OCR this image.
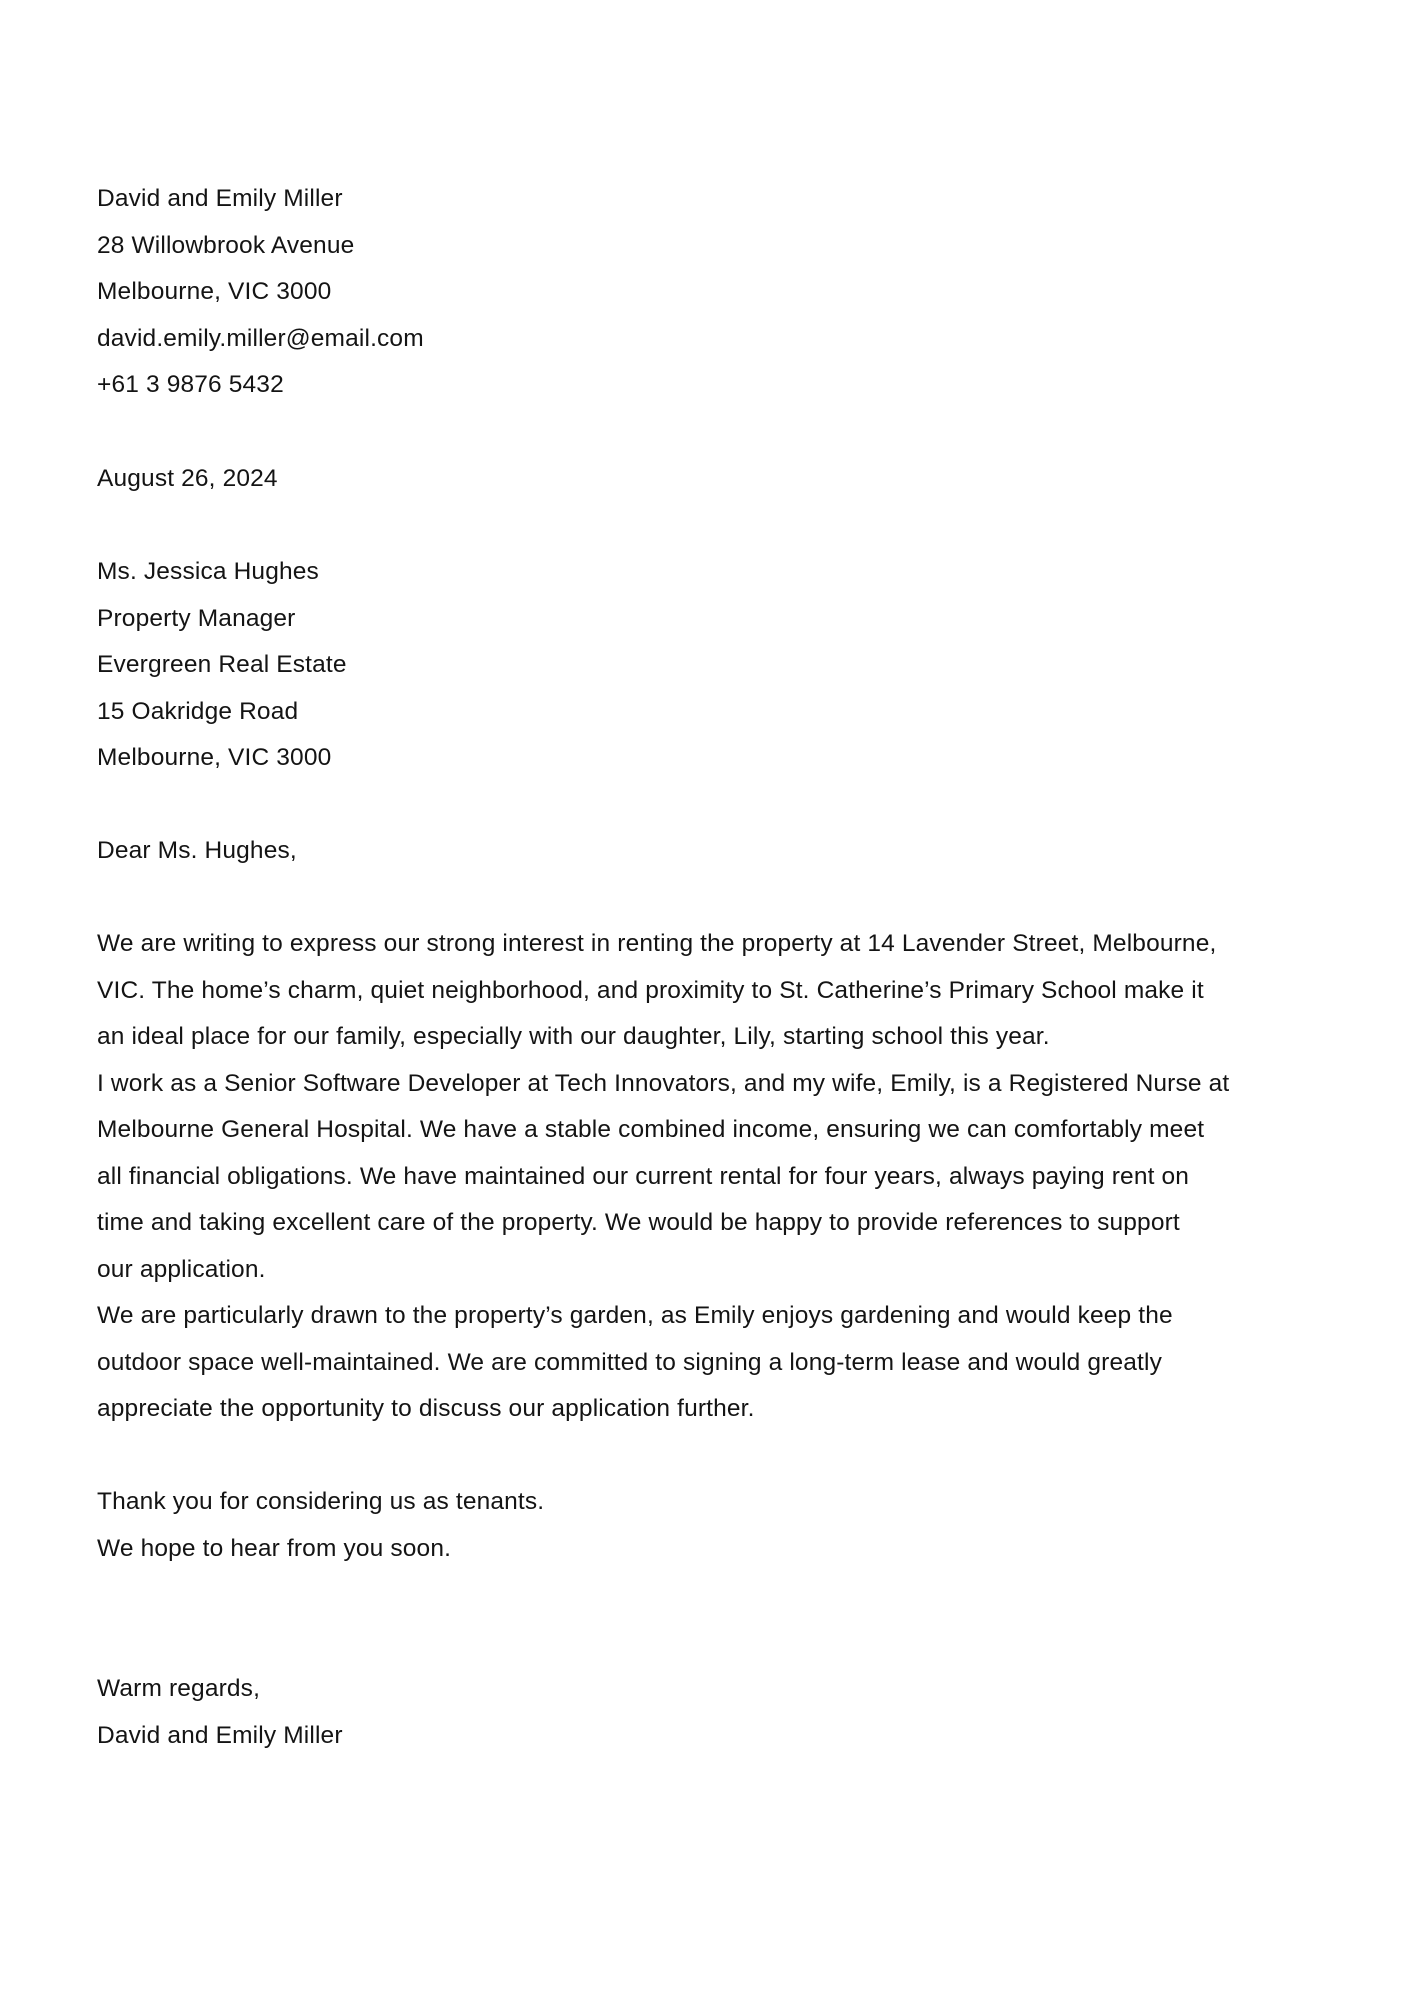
David and Emily Miller
28 Willowbrook Avenue
Melbourne, VIC 3000
david.emily.miller@email.com
+61 3 9876 5432
August 26, 2024
Ms. Jessica Hughes
Property Manager
Evergreen Real Estate
15 Oakridge Road
Melbourne, VIC 3000
Dear Ms. Hughes,
We are writing to express our strong interest in renting the property at 14 Lavender Street, Melbourne,
VIC. The home’s charm, quiet neighborhood, and proximity to St. Catherine’s Primary School make it
an ideal place for our family, especially with our daughter, Lily, starting school this year.
I work as a Senior Software Developer at Tech Innovators, and my wife, Emily, is a Registered Nurse at
Melbourne General Hospital. We have a stable combined income, ensuring we can comfortably meet
all financial obligations. We have maintained our current rental for four years, always paying rent on
time and taking excellent care of the property. We would be happy to provide references to support
our application.
We are particularly drawn to the property’s garden, as Emily enjoys gardening and would keep the
outdoor space well-maintained. We are committed to signing a long-term lease and would greatly
appreciate the opportunity to discuss our application further.
Thank you for considering us as tenants.
We hope to hear from you soon.
Warm regards,
David and Emily Miller
